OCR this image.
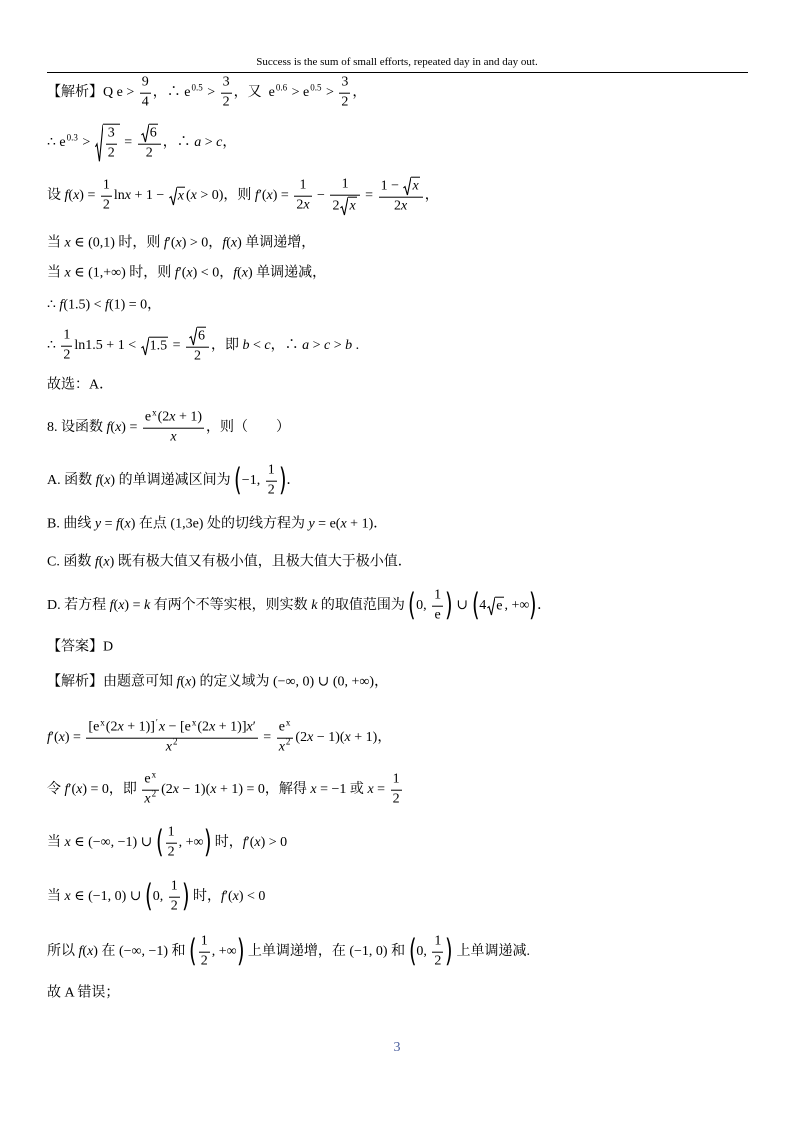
Success is the sum of small efforts, repeated day in and day out.
【解析】Q $e > \frac{9}{4}$ ，∴ $e^{0.5} > \frac{3}{2}$ ，又  $e^{0.6} > e^{0.5} > \frac{3}{2}$ ，
∴ $e^{0.3} > \frac{3}{2} = \frac{6}{2}$ ，∴ a > c，
设 $f(x) = \frac{1}{2}$ lnx + 1 − x (x > 0)，则 $f'(x) = \frac{1}{2x} - \frac{1}{2 x} = \frac{1 - x}{2x}$ ，
当 x ∈ (0,1) 时，则 f′(x) > 0，f(x) 单调递增，
当 x ∈ (1,+∞) 时，则 f′(x) < 0，f(x) 单调递减，
∴ f(1.5) < f(1) = 0，
∴ $\frac{1}{2} \ln 1.5 + 1 < 1.5 = \frac{6}{2}$ ，即 b < c，∴ a > c > b .
故选：A．
8. 设函数 $f(x) = \frac{e^x(2x + 1)}{x}$ ，则（　　）
A. 函数 f(x) 的单调递减区间为 (−1, $\frac{1}{2}$ )．
B. 曲线 y = f(x) 在点 (1,3e) 处的切线方程为 y = e(x + 1)．
C. 函数 f(x) 既有极大值又有极小值，且极大值大于极小值．
D. 若方程 f(x) = k 有两个不等实根，则实数 k 的取值范围为 (0, $\frac{1}{e}$ ) ∪ (4 e , +∞)．
【答案】D
【解析】由题意可知 f(x) 的定义域为 (−∞, 0) ∪ (0, +∞)，
$f'(x) = \frac{[e^x(2x + 1)]'x - [e^x(2x + 1)]x'}{x^2} = \frac{e^x}{x^2} (2x - 1)(x + 1)$，
令 f′(x) = 0，即 $\frac{e^x}{x^2} (2x - 1)(x + 1) = 0$，解得 x = −1 或 $x = \frac{1}{2}$
当 x ∈ (−∞, −1) ∪ ( $\frac{1}{2}$ , +∞) 时，f′(x) > 0
当 x ∈ (−1, 0) ∪ (0, $\frac{1}{2}$ ) 时，f′(x) < 0
所以 f(x) 在 (−∞, −1) 和 ( $\frac{1}{2}$ , +∞) 上单调递增，在 (−1, 0) 和 (0, $\frac{1}{2}$ ) 上单调递减.
故 A 错误；
3
